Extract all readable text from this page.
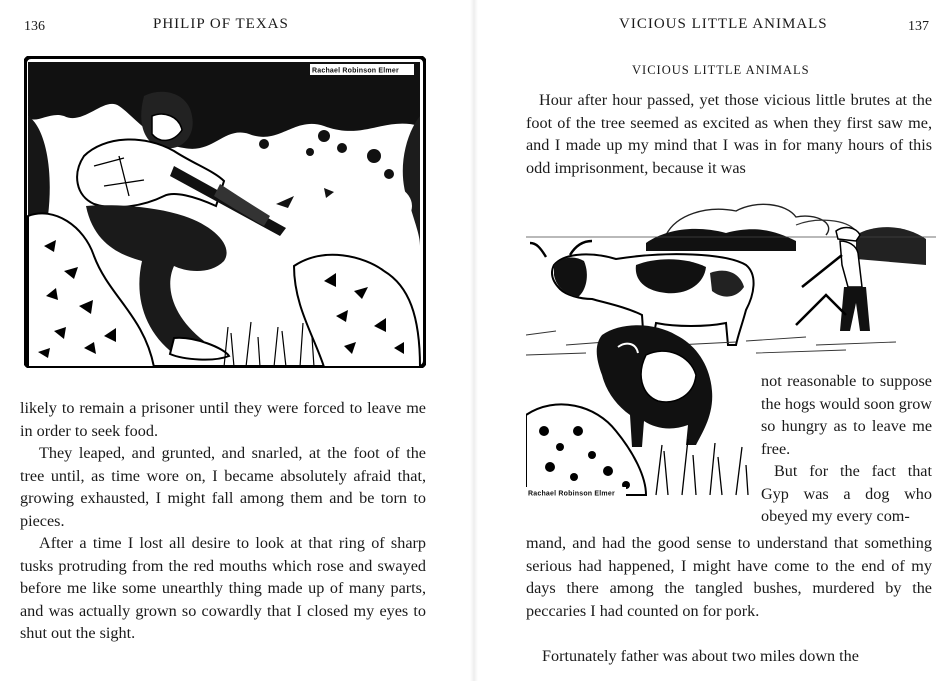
136	PHILIP OF TEXAS
Rachael Robinson Elmer

likely to remain a prisoner until they were forced to leave me in order to seek food.

They leaped, and grunted, and snarled, at the foot of the tree until, as time wore on, I became absolutely afraid that, growing exhausted, I might fall among them and be torn to pieces.

After a time I lost all desire to look at that ring of sharp tusks protruding from the red mouths which rose and swayed before me like some unearthly thing made up of many parts, and was actually grown so cowardly that I closed my eyes to shut out the sight.

VICIOUS LITTLE ANIMALS	137
VICIOUS LITTLE ANIMALS

Hour after hour passed, yet those vicious little brutes at the foot of the tree seemed as excited as when they first saw me, and I made up my mind that I was in for many hours of this odd imprisonment, because it was

Rachael Robinson Elmer

not reasonable to suppose the hogs would soon grow so hungry as to leave me free.

But for the fact that Gyp was a dog who obeyed my every com-

mand, and had the good sense to understand that something serious had happened, I might have come to the end of my days there among the tangled bushes, murdered by the peccaries I had counted on for pork.

Fortunately father was about two miles down the
